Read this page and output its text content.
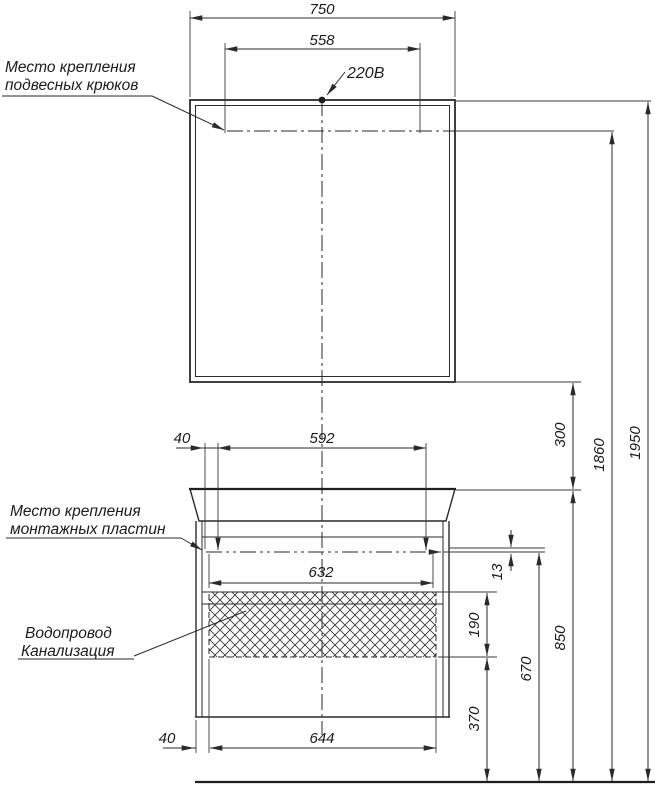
220В
750
558
1950
1860
300
850
670
190
370
13
40	592
632
40	644
Место крепления
подвесных крюков
Место крепления
монтажных пластин
Водопровод
Канализация
